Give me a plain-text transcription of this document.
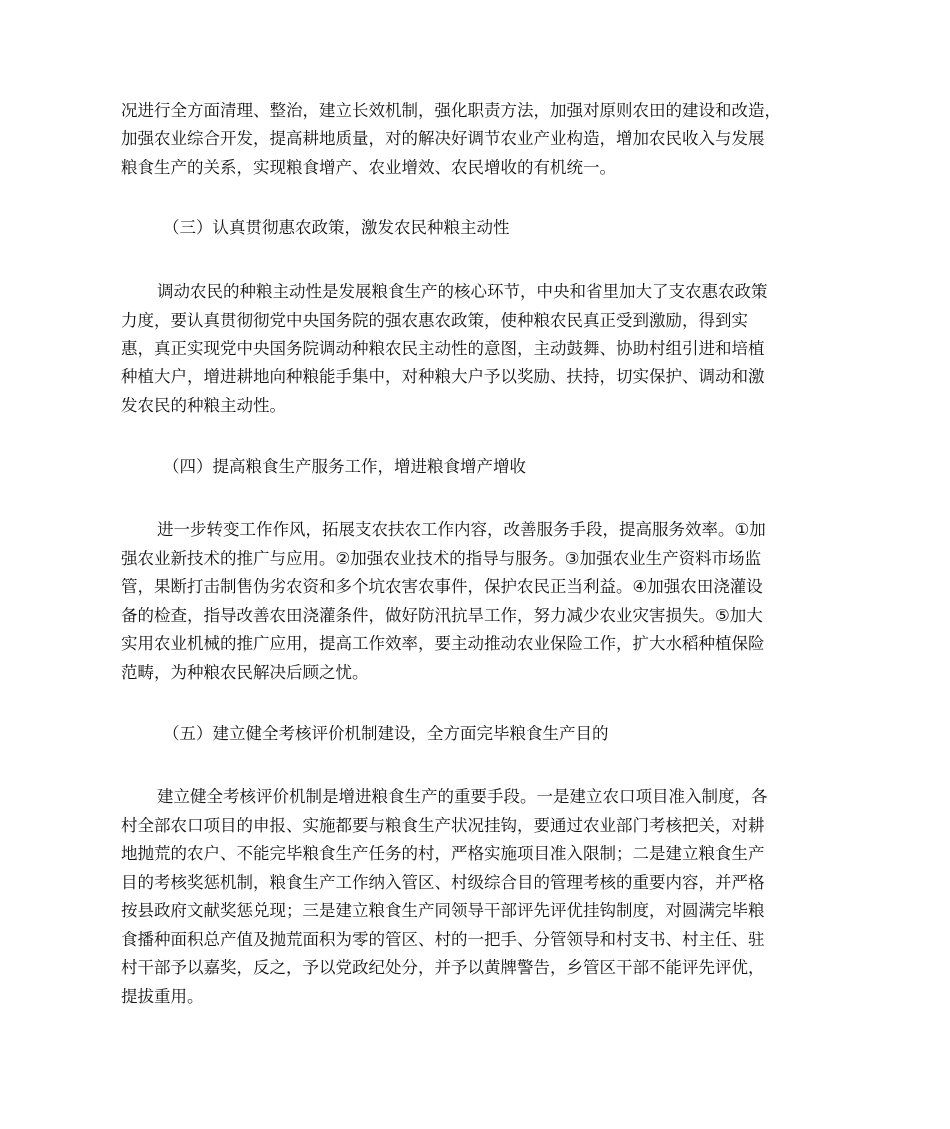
况进行全方面清理、整治，建立长效机制，强化职责方法，加强对原则农田的建设和改造，
加强农业综合开发，提高耕地质量，对的解决好调节农业产业构造，增加农民收入与发展
粮食生产的关系，实现粮食增产、农业增效、农民增收的有机统一。
（三）认真贯彻惠农政策，激发农民种粮主动性
调动农民的种粮主动性是发展粮食生产的核心环节，中央和省里加大了支农惠农政策
力度，要认真贯彻彻党中央国务院的强农惠农政策，使种粮农民真正受到激励，得到实
惠，真正实现党中央国务院调动种粮农民主动性的意图，主动鼓舞、协助村组引进和培植
种植大户，增进耕地向种粮能手集中，对种粮大户予以奖励、扶持，切实保护、调动和激
发农民的种粮主动性。
（四）提高粮食生产服务工作，增进粮食增产增收
进一步转变工作作风，拓展支农扶农工作内容，改善服务手段，提高服务效率。①加
强农业新技术的推广与应用。②加强农业技术的指导与服务。③加强农业生产资料市场监
管，果断打击制售伪劣农资和多个坑农害农事件，保护农民正当利益。④加强农田浇灌设
备的检查，指导改善农田浇灌条件，做好防汛抗旱工作，努力减少农业灾害损失。⑤加大
实用农业机械的推广应用，提高工作效率，要主动推动农业保险工作，扩大水稻种植保险
范畴，为种粮农民解决后顾之忧。
（五）建立健全考核评价机制建设，全方面完毕粮食生产目的
建立健全考核评价机制是增进粮食生产的重要手段。一是建立农口项目准入制度，各
村全部农口项目的申报、实施都要与粮食生产状况挂钩，要通过农业部门考核把关，对耕
地抛荒的农户、不能完毕粮食生产任务的村，严格实施项目准入限制；二是建立粮食生产
目的考核奖惩机制，粮食生产工作纳入管区、村级综合目的管理考核的重要内容，并严格
按县政府文献奖惩兑现；三是建立粮食生产同领导干部评先评优挂钩制度，对圆满完毕粮
食播种面积总产值及抛荒面积为零的管区、村的一把手、分管领导和村支书、村主任、驻
村干部予以嘉奖，反之，予以党政纪处分，并予以黄牌警告，乡管区干部不能评先评优，
提拔重用。
